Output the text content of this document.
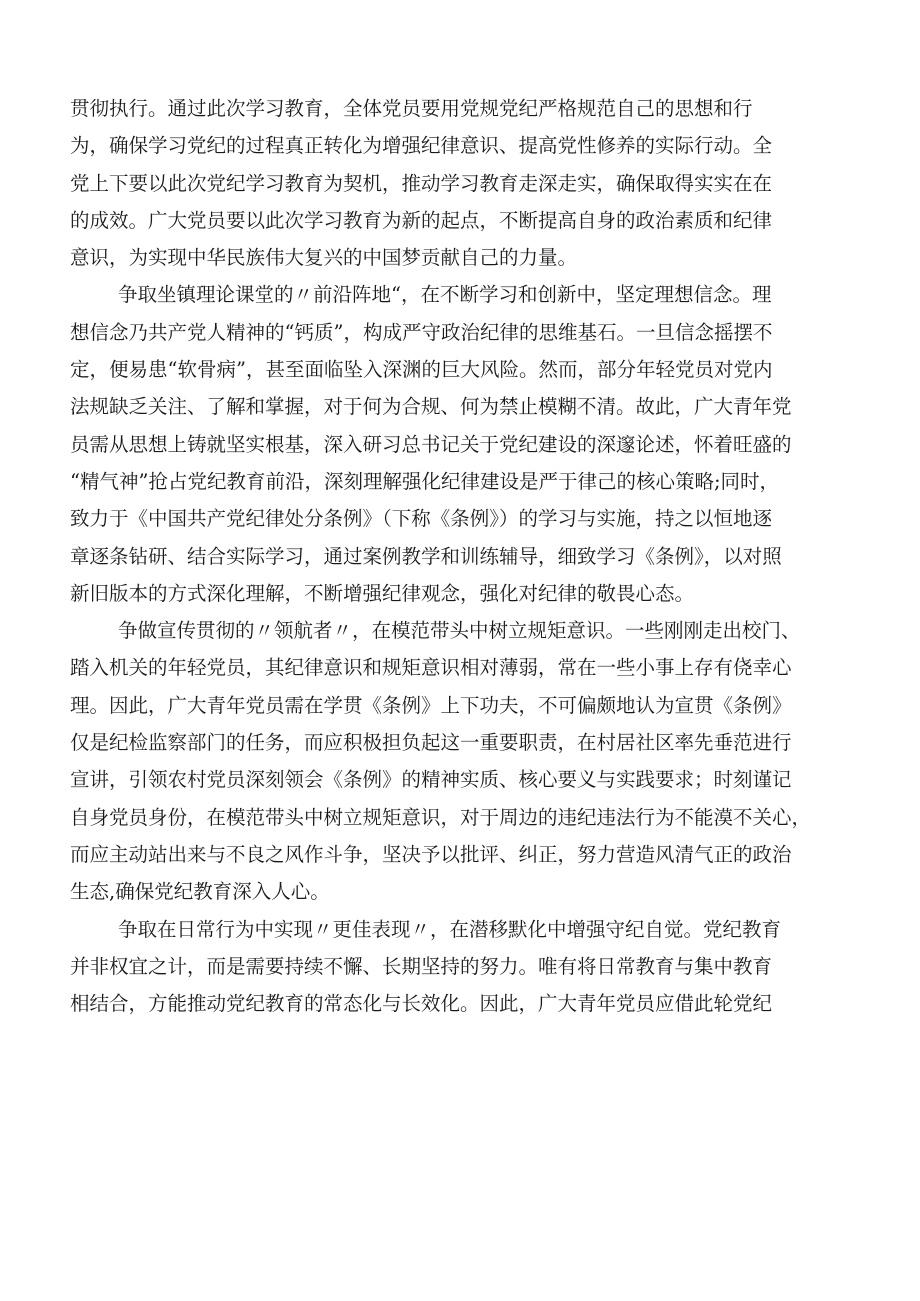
贯彻执行。通过此次学习教育，全体党员要用党规党纪严格规范自己的思想和行
为，确保学习党纪的过程真正转化为增强纪律意识、提高党性修养的实际行动。全
党上下要以此次党纪学习教育为契机，推动学习教育走深走实，确保取得实实在在
的成效。广大党员要以此次学习教育为新的起点，不断提高自身的政治素质和纪律
意识，为实现中华民族伟大复兴的中国梦贡献自己的力量。
争取坐镇理论课堂的〃前沿阵地“，在不断学习和创新中，坚定理想信念。理
想信念乃共产党人精神的“钙质”，构成严守政治纪律的思维基石。一旦信念摇摆不
定，便易患“软骨病”，甚至面临坠入深渊的巨大风险。然而，部分年轻党员对党内
法规缺乏关注、了解和掌握，对于何为合规、何为禁止模糊不清。故此，广大青年党
员需从思想上铸就坚实根基，深入研习总书记关于党纪建设的深邃论述，怀着旺盛的
“精气神”抢占党纪教育前沿，深刻理解强化纪律建设是严于律己的核心策略;同时，
致力于《中国共产党纪律处分条例》（下称《条例》）的学习与实施，持之以恒地逐
章逐条钻研、结合实际学习，通过案例教学和训练辅导，细致学习《条例》，以对照
新旧版本的方式深化理解，不断增强纪律观念，强化对纪律的敬畏心态。
争做宣传贯彻的〃领航者〃，在模范带头中树立规矩意识。一些刚刚走出校门、
踏入机关的年轻党员，其纪律意识和规矩意识相对薄弱，常在一些小事上存有侥幸心
理。因此，广大青年党员需在学贯《条例》上下功夫，不可偏颇地认为宣贯《条例》
仅是纪检监察部门的任务，而应积极担负起这一重要职责，在村居社区率先垂范进行
宣讲，引领农村党员深刻领会《条例》的精神实质、核心要义与实践要求；时刻谨记
自身党员身份，在模范带头中树立规矩意识，对于周边的违纪违法行为不能漠不关心，
而应主动站出来与不良之风作斗争，坚决予以批评、纠正，努力营造风清气正的政治
生态,确保党纪教育深入人心。
争取在日常行为中实现〃更佳表现〃，在潜移默化中增强守纪自觉。党纪教育
并非权宜之计，而是需要持续不懈、长期坚持的努力。唯有将日常教育与集中教育
相结合，方能推动党纪教育的常态化与长效化。因此，广大青年党员应借此轮党纪
